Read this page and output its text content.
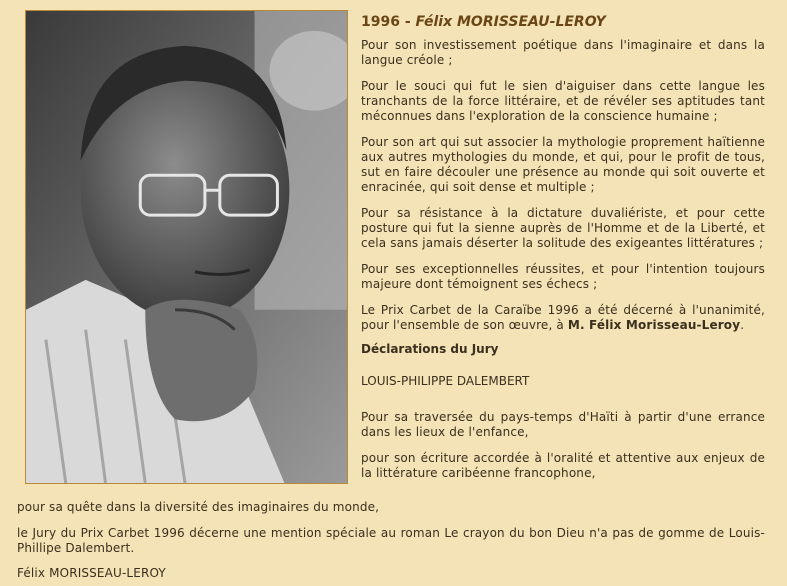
1996 - Félix MORISSEAU-LEROY
Pour son investissement poétique dans l'imaginaire et dans la langue créole ;
Pour le souci qui fut le sien d'aiguiser dans cette langue les tranchants de la force littéraire, et de révéler ses aptitudes tant méconnues dans l'exploration de la conscience humaine ;
Pour son art qui sut associer la mythologie proprement haïtienne aux autres mythologies du monde, et qui, pour le profit de tous, sut en faire découler une présence au monde qui soit ouverte et enracinée, qui soit dense et multiple ;
Pour sa résistance à la dictature duvaliériste, et pour cette posture qui fut la sienne auprès de l'Homme et de la Liberté, et cela sans jamais déserter la solitude des exigeantes littératures ;
Pour ses exceptionnelles réussites, et pour l'intention toujours majeure dont témoignent ses échecs ;
Le Prix Carbet de la Caraïbe 1996 a été décerné à l'unanimité, pour l'ensemble de son œuvre, à M. Félix Morisseau-Leroy.
Déclarations du Jury
LOUIS-PHILIPPE DALEMBERT
Pour sa traversée du pays-temps d'Haïti à partir d'une errance dans les lieux de l'enfance,
pour son écriture accordée à l'oralité et attentive aux enjeux de la littérature caribéenne francophone,
pour sa quête dans la diversité des imaginaires du monde,
le Jury du Prix Carbet 1996 décerne une mention spéciale au roman Le crayon du bon Dieu n'a pas de gomme de Louis-Phillipe Dalembert.
Félix MORISSEAU-LEROY
